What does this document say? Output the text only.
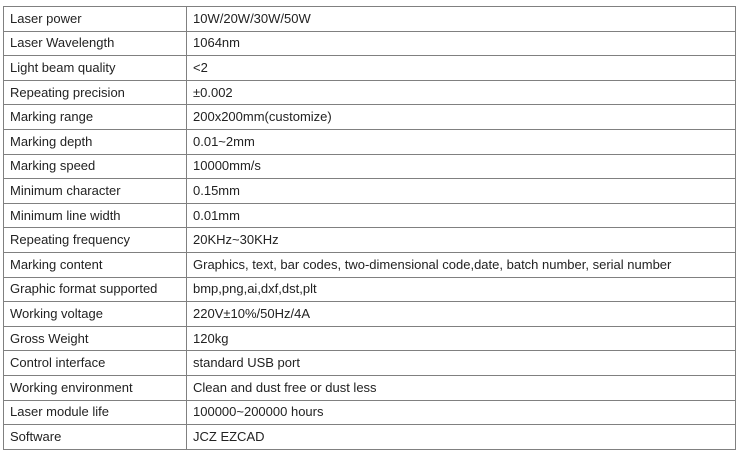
Laser power	10W/20W/30W/50W
Laser Wavelength	1064nm
Light beam quality	<2
Repeating precision	±0.002
Marking range	200x200mm(customize)
Marking depth	0.01~2mm
Marking speed	10000mm/s
Minimum character	0.15mm
Minimum line width	0.01mm
Repeating frequency	20KHz~30KHz
Marking content	Graphics, text, bar codes, two-dimensional code,date, batch number, serial number
Graphic format supported	bmp,png,ai,dxf,dst,plt
Working voltage	220V±10%/50Hz/4A
Gross Weight	120kg
Control interface	standard USB port
Working environment	Clean and dust free or dust less
Laser module life	100000~200000 hours
Software	JCZ EZCAD
